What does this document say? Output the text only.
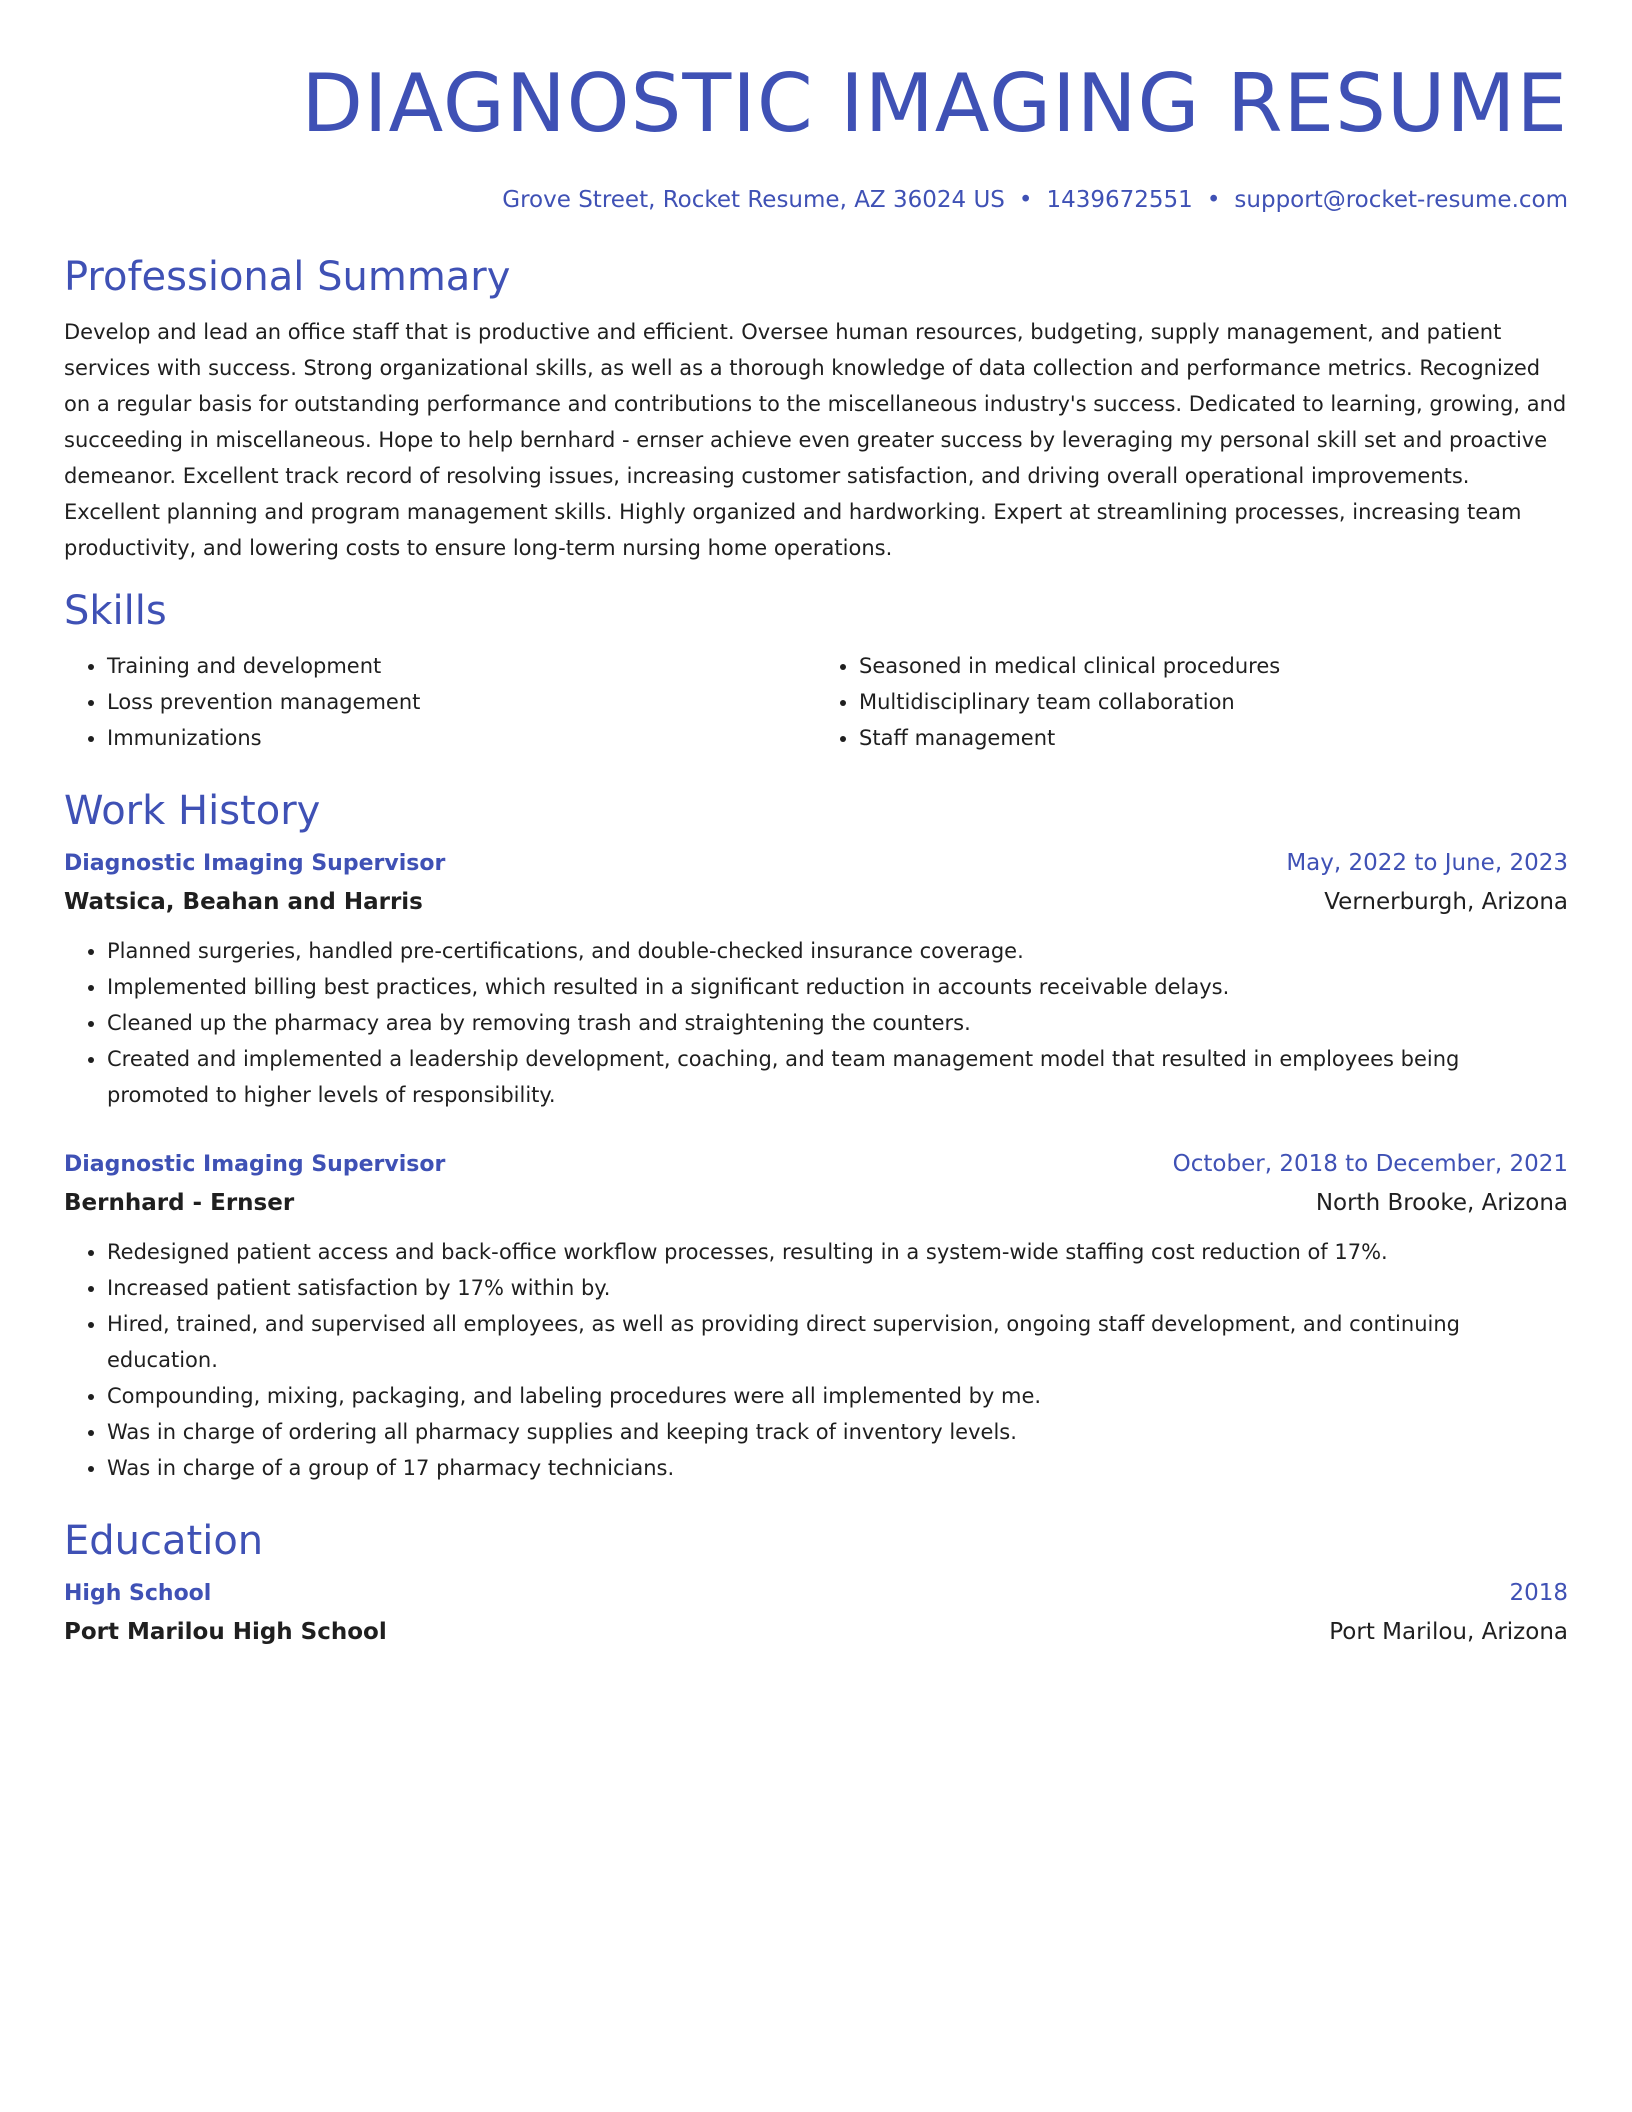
DIAGNOSTIC IMAGING RESUME
Grove Street, Rocket Resume, AZ 36024 US • 1439672551 • support@rocket-resume.com
Professional Summary

Develop and lead an office staff that is productive and efficient. Oversee human resources, budgeting, supply management, and patient services with success. Strong organizational skills, as well as a thorough knowledge of data collection and performance metrics. Recognized on a regular basis for outstanding performance and contributions to the miscellaneous industry's success. Dedicated to learning, growing, and succeeding in miscellaneous. Hope to help bernhard - ernser achieve even greater success by leveraging my personal skill set and proactive demeanor. Excellent track record of resolving issues, increasing customer satisfaction, and driving overall operational improvements. Excellent planning and program management skills. Highly organized and hardworking. Expert at streamlining processes, increasing team productivity, and lowering costs to ensure long-term nursing home operations.

Skills
• Training and development
• Loss prevention management
• Immunizations
• Seasoned in medical clinical procedures
• Multidisciplinary team collaboration
• Staff management
Work History
Diagnostic Imaging Supervisor	May, 2022 to June, 2023
Watsica, Beahan and Harris	Vernerburgh, Arizona
• Planned surgeries, handled pre-certifications, and double-checked insurance coverage.
• Implemented billing best practices, which resulted in a significant reduction in accounts receivable delays.
• Cleaned up the pharmacy area by removing trash and straightening the counters.
• Created and implemented a leadership development, coaching, and team management model that resulted in employees being promoted to higher levels of responsibility.
Diagnostic Imaging Supervisor	October, 2018 to December, 2021
Bernhard - Ernser	North Brooke, Arizona
• Redesigned patient access and back-office workflow processes, resulting in a system-wide staffing cost reduction of 17%.
• Increased patient satisfaction by 17% within by.
• Hired, trained, and supervised all employees, as well as providing direct supervision, ongoing staff development, and continuing education.
• Compounding, mixing, packaging, and labeling procedures were all implemented by me.
• Was in charge of ordering all pharmacy supplies and keeping track of inventory levels.
• Was in charge of a group of 17 pharmacy technicians.
Education
High School	2018
Port Marilou High School	Port Marilou, Arizona
